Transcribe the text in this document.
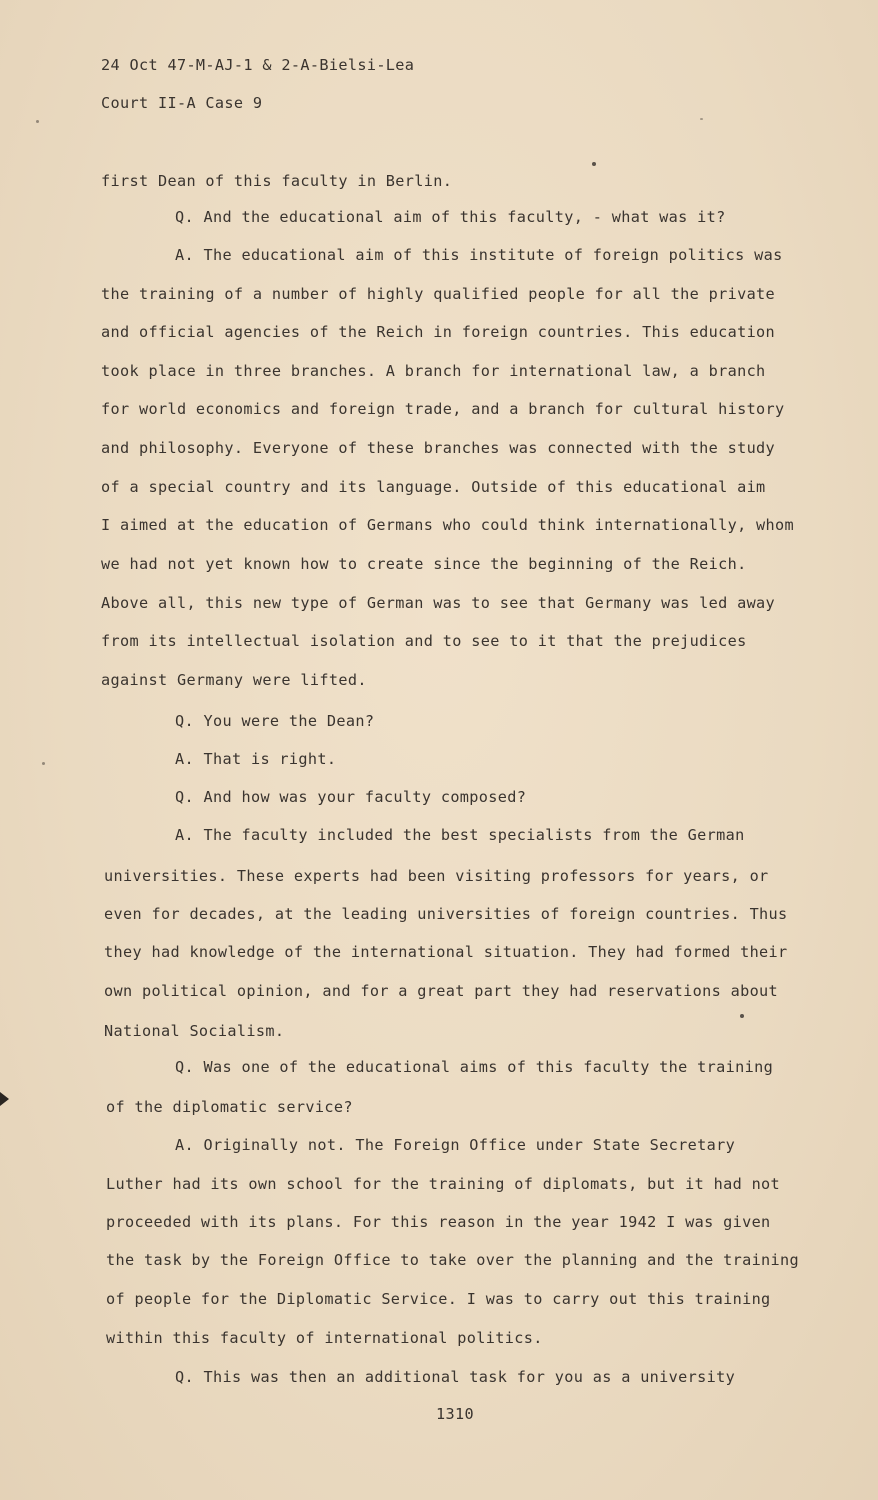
24 Oct 47-M-AJ-1 & 2-A-Bielsi-Lea
Court II-A Case 9
first Dean of this faculty in Berlin.
Q. And the educational aim of this faculty, - what was it?
A. The educational aim of this institute of foreign politics was
the training of a number of highly qualified people for all the private
and official agencies of the Reich in foreign countries. This education
took place in three branches. A branch for international law, a branch
for world economics and foreign trade, and a branch for cultural history
and philosophy. Everyone of these branches was connected with the study
of a special country and its language. Outside of this educational aim
I aimed at the education of Germans who could think internationally, whom
we had not yet known how to create since the beginning of the Reich.
Above all, this new type of German was to see that Germany was led away
from its intellectual isolation and to see to it that the prejudices
against Germany were lifted.
Q. You were the Dean?
A. That is right.
Q. And how was your faculty composed?
A. The faculty included the best specialists from the German
universities. These experts had been visiting professors for years, or
even for decades, at the leading universities of foreign countries. Thus
they had knowledge of the international situation. They had formed their
own political opinion, and for a great part they had reservations about
National Socialism.
Q. Was one of the educational aims of this faculty the training
of the diplomatic service?
A. Originally not. The Foreign Office under State Secretary
Luther had its own school for the training of diplomats, but it had not
proceeded with its plans. For this reason in the year 1942 I was given
the task by the Foreign Office to take over the planning and the training
of people for the Diplomatic Service. I was to carry out this training
within this faculty of international politics.
Q. This was then an additional task for you as a university
1310
